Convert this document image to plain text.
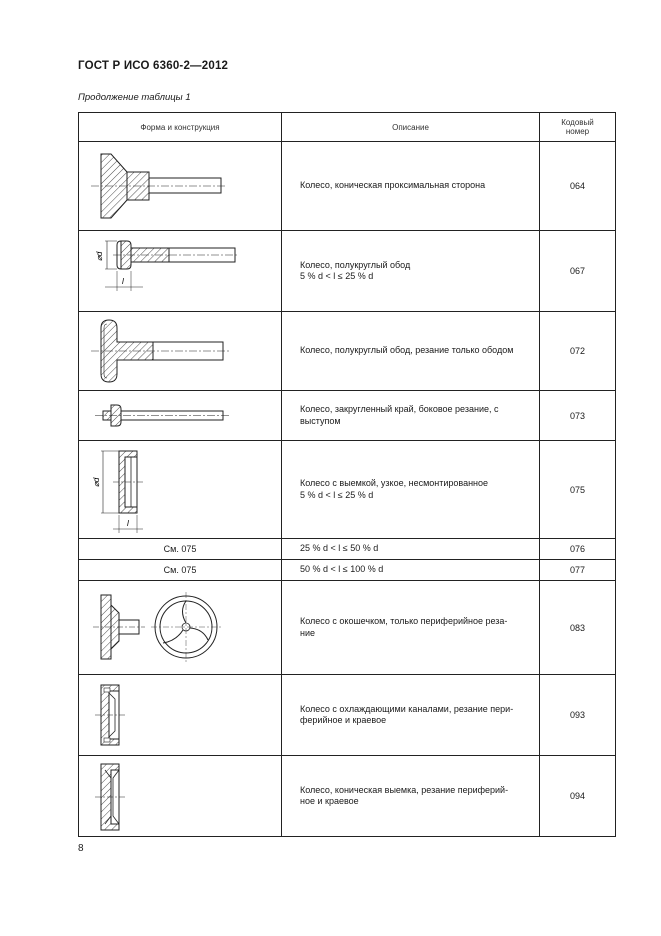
ГОСТ Р ИСО 6360-2—2012
Продолжение таблицы 1
Форма и конструкция	Описание	Кодовый
номер

Колесо, коническая проксимальная сторона	064

⌀d
l	Колесо, полукруглый обод
5 % d < l ≤ 25 % d	067

Колесо, полукруглый обод, резание только ободом	072

Колесо, закругленный край, боковое резание, с
выступом	073

⌀d
l	Колесо с выемкой, узкое, несмонтированное
5 % d < l ≤ 25 % d	075
См. 075	25 % d < l ≤ 50 % d	076
См. 075	50 % d < l ≤ 100 % d	077

Колесо с окошечком, только периферийное реза-
ние	083

Колесо с охлаждающими каналами, резание пери-
ферийное и краевое	093

Колесо, коническая выемка, резание периферий-
ное и краевое	094
8
